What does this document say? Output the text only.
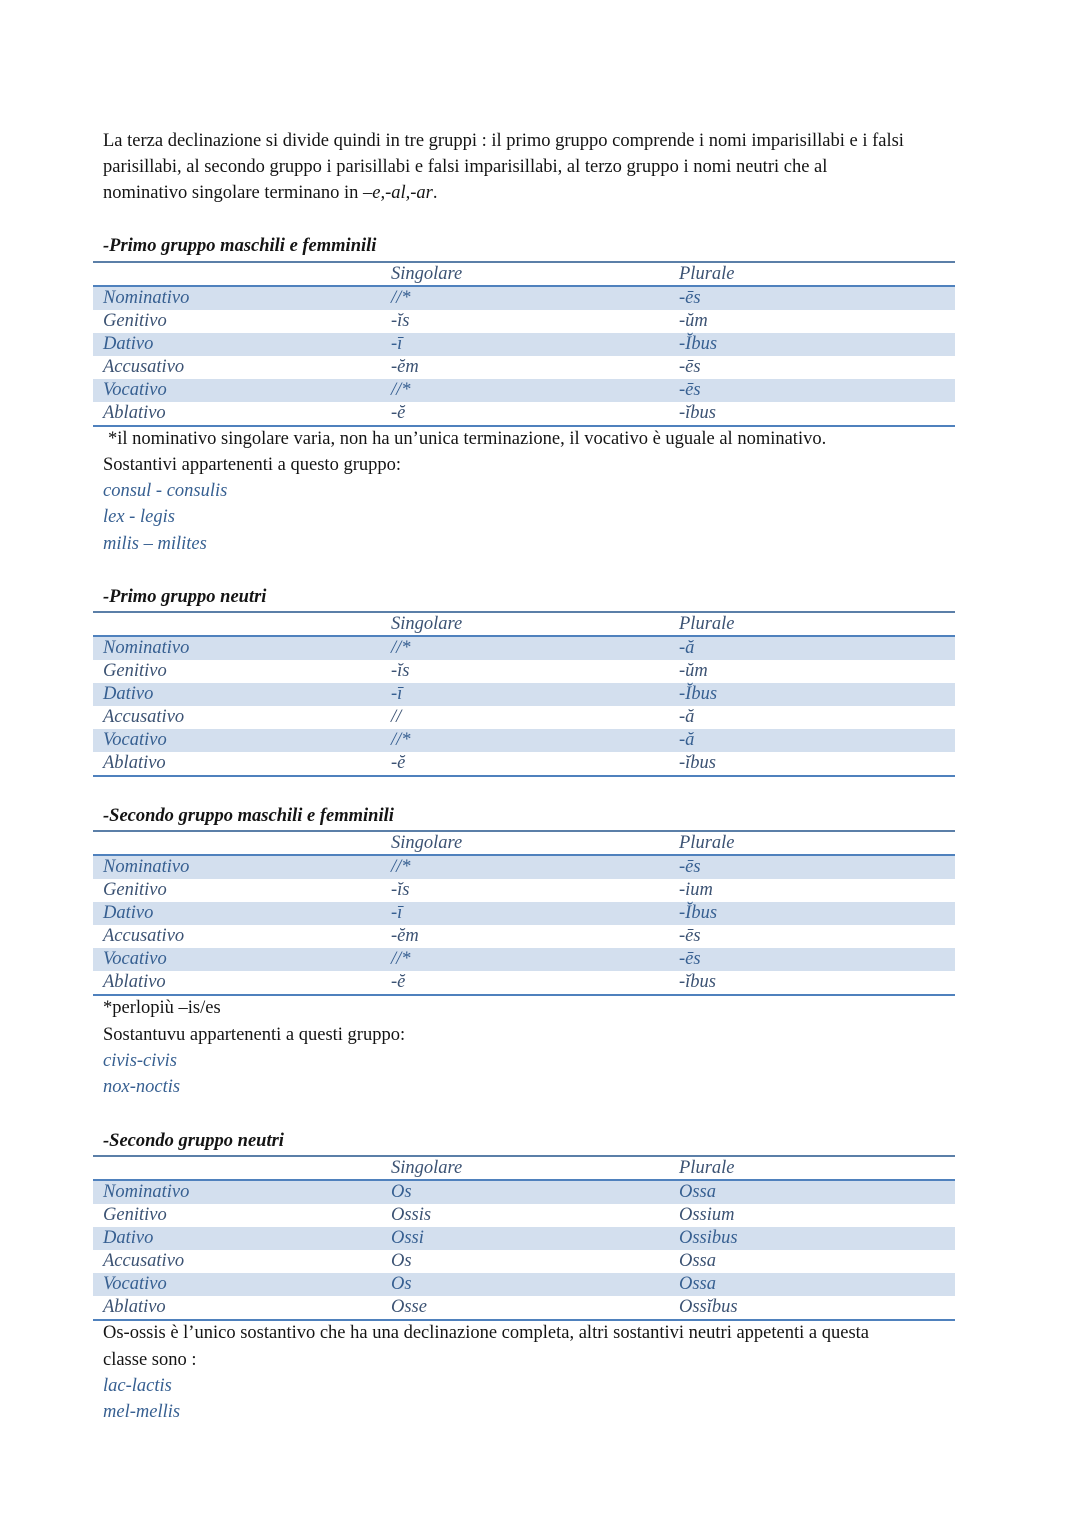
La terza declinazione si divide quindi in tre gruppi : il primo gruppo comprende i nomi imparisillabi e i falsi
parisillabi, al secondo gruppo i parisillabi e falsi imparisillabi, al terzo gruppo i nomi neutri che al
nominativo singolare terminano in –e,-al,-ar.
-Primo gruppo maschili e femminili
Singolare	Plurale
Nominativo	//*	-ēs
Genitivo	-ĭs	-ŭm
Dativo	-ī	-Ĭbus
Accusativo	-ĕm	-ēs
Vocativo	//*	-ēs
Ablativo	-ĕ	-ĭbus
*il nominativo singolare varia, non ha un’unica terminazione, il vocativo è uguale al nominativo.
Sostantivi appartenenti a questo gruppo:
consul - consulis
lex - legis
milis – milites
-Primo gruppo neutri
Singolare	Plurale
Nominativo	//*	-ă
Genitivo	-ĭs	-ŭm
Dativo	-ī	-Ĭbus
Accusativo	//	-ă
Vocativo	//*	-ă
Ablativo	-ĕ	-ĭbus
-Secondo gruppo maschili e femminili
Singolare	Plurale
Nominativo	//*	-ēs
Genitivo	-ĭs	-ium
Dativo	-ī	-Ĭbus
Accusativo	-ĕm	-ēs
Vocativo	//*	-ēs
Ablativo	-ĕ	-ĭbus
*perlopiù –is/es
Sostantuvu appartenenti a questi gruppo:
civis-civis
nox-noctis
-Secondo gruppo neutri
Singolare	Plurale
Nominativo	Os	Ossa
Genitivo	Ossis	Ossium
Dativo	Ossi	Ossibus
Accusativo	Os	Ossa
Vocativo	Os	Ossa
Ablativo	Osse	Ossĭbus
Os-ossis è l’unico sostantivo che ha una declinazione completa, altri sostantivi neutri appetenti a questa
classe sono :
lac-lactis
mel-mellis
